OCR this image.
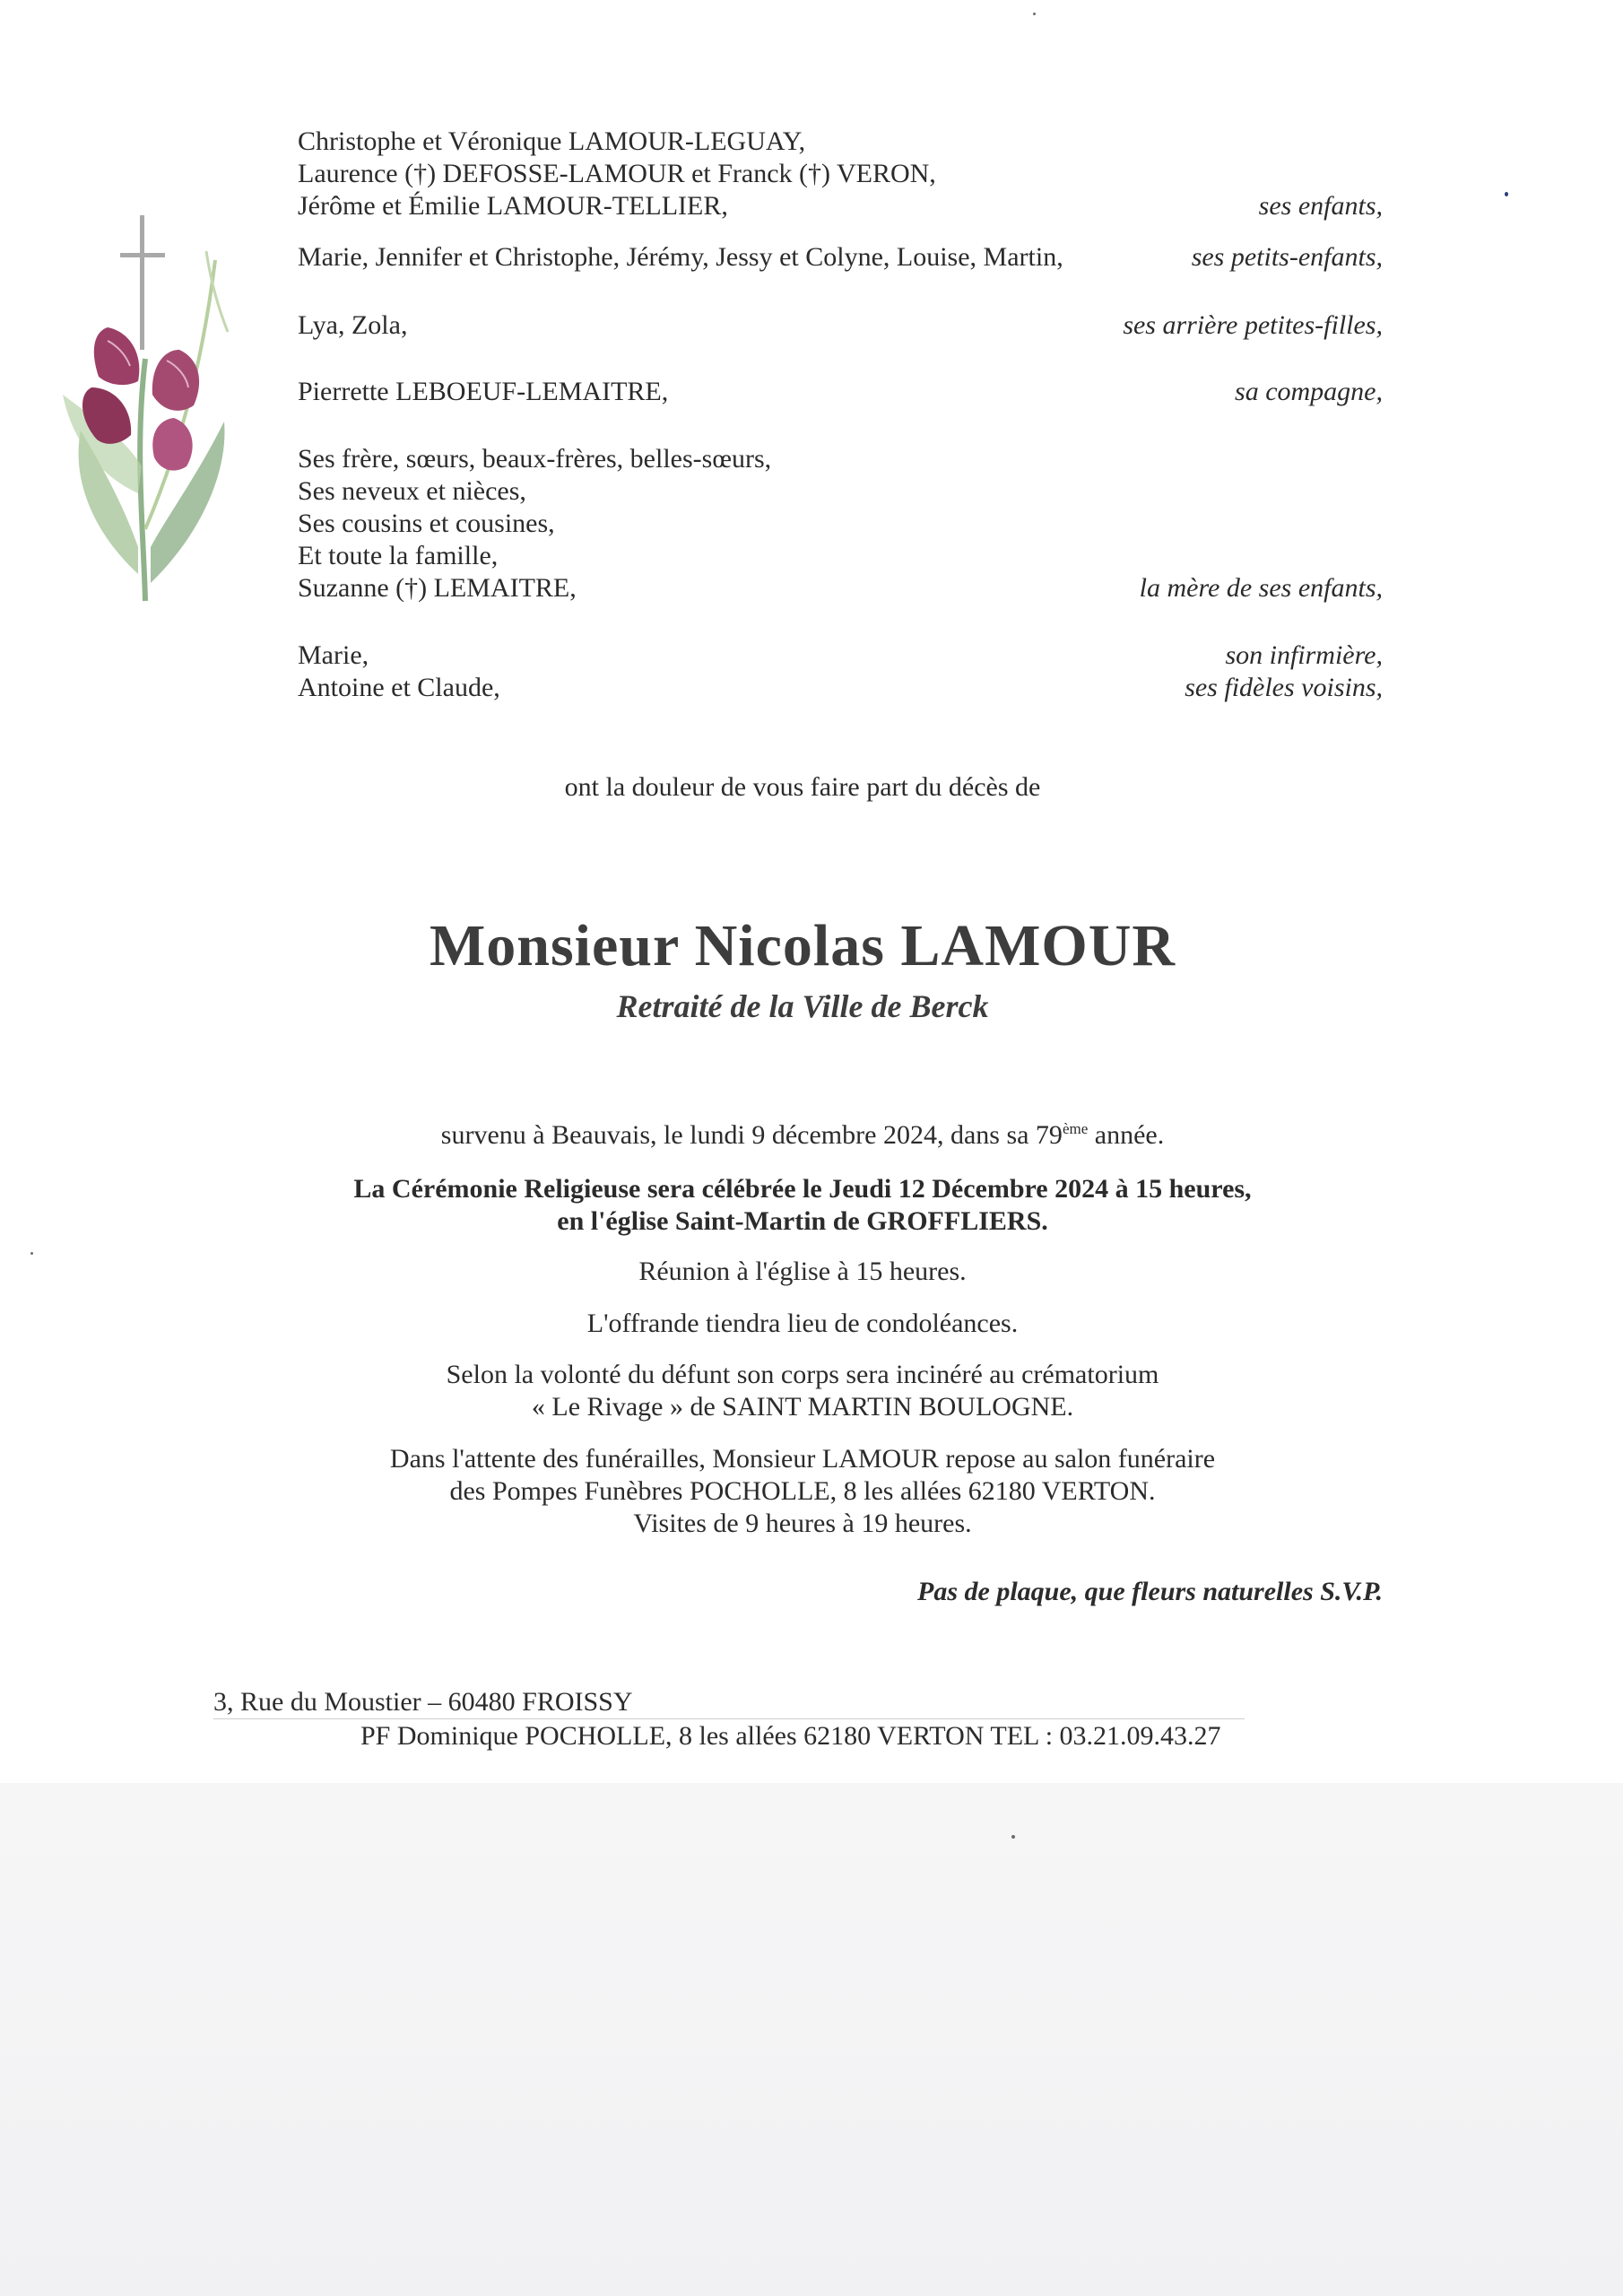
Christophe et Véronique LAMOUR-LEGUAY,
Laurence (†) DEFOSSE-LAMOUR et Franck (†) VERON,
Jérôme et Émilie LAMOUR-TELLIER,	ses enfants,
Marie, Jennifer et Christophe, Jérémy, Jessy et Colyne, Louise, Martin,	ses petits-enfants,
Lya, Zola,	ses arrière petites-filles,
Pierrette LEBOEUF-LEMAITRE,	sa compagne,
Ses frère, sœurs, beaux-frères, belles-sœurs,
Ses neveux et nièces,
Ses cousins et cousines,
Et toute la famille,
Suzanne (†) LEMAITRE,	la mère de ses enfants,
Marie,	son infirmière,
Antoine et Claude,	ses fidèles voisins,
ont la douleur de vous faire part du décès de
Monsieur Nicolas LAMOUR
Retraité de la Ville de Berck
survenu à Beauvais, le lundi 9 décembre 2024, dans sa 79ème année.
La Cérémonie Religieuse sera célébrée le Jeudi 12 Décembre 2024 à 15 heures,
en l'église Saint-Martin de GROFFLIERS.
Réunion à l'église à 15 heures.
L'offrande tiendra lieu de condoléances.
Selon la volonté du défunt son corps sera incinéré au crématorium
« Le Rivage » de SAINT MARTIN BOULOGNE.
Dans l'attente des funérailles, Monsieur LAMOUR repose au salon funéraire
des Pompes Funèbres POCHOLLE, 8 les allées 62180 VERTON.
Visites de 9 heures à 19 heures.
Pas de plaque, que fleurs naturelles S.V.P.
3, Rue du Moustier – 60480 FROISSY
PF Dominique POCHOLLE, 8 les allées 62180 VERTON TEL : 03.21.09.43.27
